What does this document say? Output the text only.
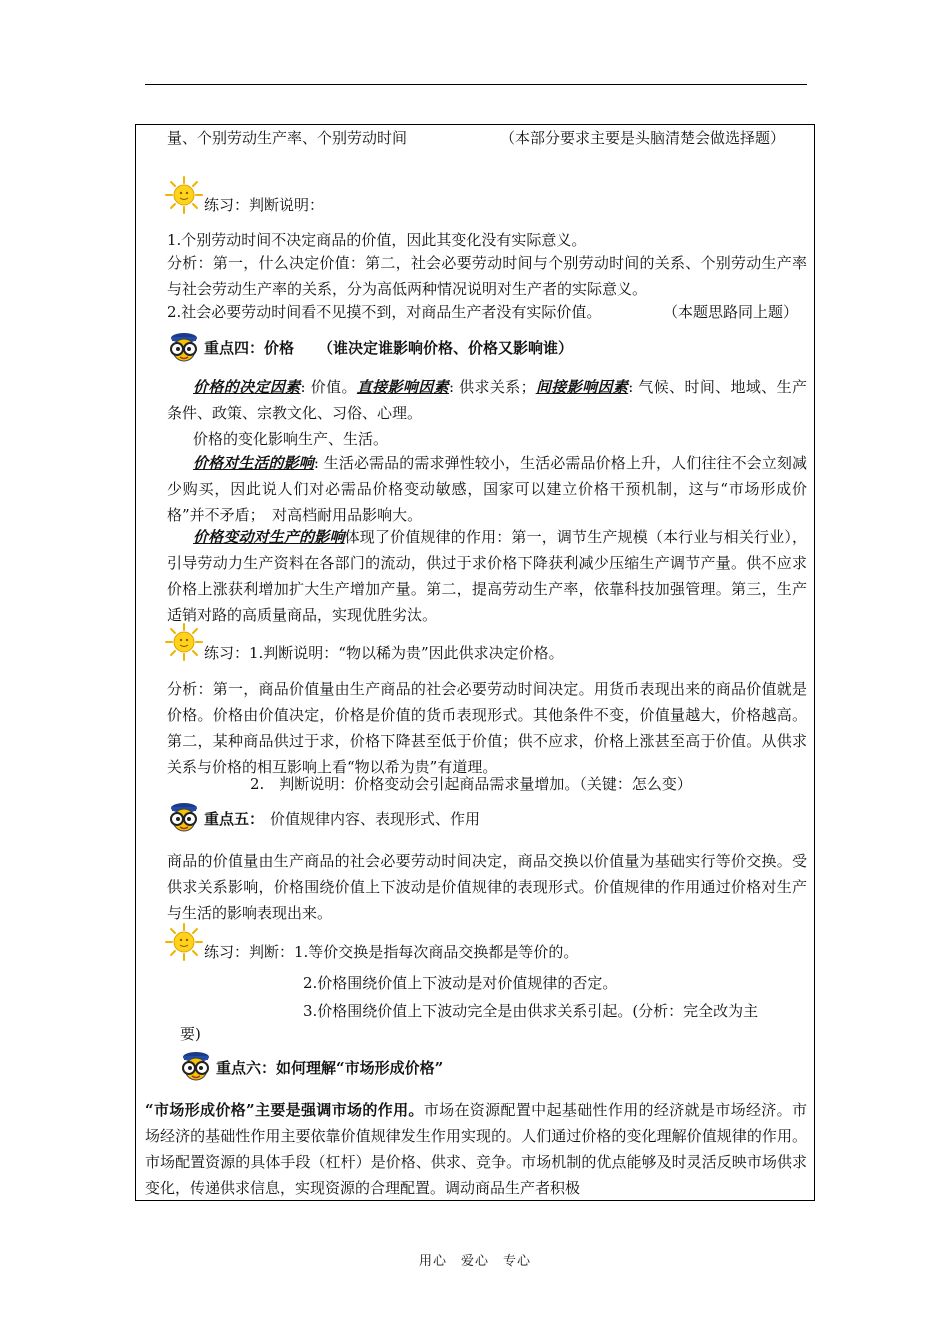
量、个别劳动生产率、个别劳动时间	（本部分要求主要是头脑清楚会做选择题）
练习：判断说明：
1.个别劳动时间不决定商品的价值，因此其变化没有实际意义。
分析：第一，什么决定价值：第二，社会必要劳动时间与个别劳动时间的关系、个别劳动生产率与社会劳动生产率的关系，分为高低两种情况说明对生产者的实际意义。
2.社会必要劳动时间看不见摸不到，对商品生产者没有实际价值。	（本题思路同上题）
重点四：价格 （谁决定谁影响价格、价格又影响谁）
价格的决定因素: 价值。直接影响因素: 供求关系；间接影响因素: 气候、时间、地域、生产条件、政策、宗教文化、习俗、心理。
价格的变化影响生产、生活。
价格对生活的影响: 生活必需品的需求弹性较小，生活必需品价格上升，人们往往不会立刻减少购买，因此说人们对必需品价格变动敏感，国家可以建立价格干预机制，这与“市场形成价格”并不矛盾；　对高档耐用品影响大。
价格变动对生产的影响体现了价值规律的作用：第一，调节生产规模（本行业与相关行业），引导劳动力生产资料在各部门的流动，供过于求价格下降获利减少压缩生产调节产量。供不应求价格上涨获利增加扩大生产增加产量。第二，提高劳动生产率，依靠科技加强管理。第三，生产适销对路的高质量商品，实现优胜劣汰。
练习：1.判断说明：“物以稀为贵”因此供求决定价格。
分析：第一，商品价值量由生产商品的社会必要劳动时间决定。用货币表现出来的商品价值就是价格。价格由价值决定，价格是价值的货币表现形式。其他条件不变，价值量越大，价格越高。第二，某种商品供过于求，价格下降甚至低于价值；供不应求，价格上涨甚至高于价值。从供求关系与价格的相互影响上看“物以希为贵”有道理。
2.　判断说明：价格变动会引起商品需求量增加。（关键：怎么变）
重点五： 价值规律内容、表现形式、作用
商品的价值量由生产商品的社会必要劳动时间决定，商品交换以价值量为基础实行等价交换。受供求关系影响，价格围绕价值上下波动是价值规律的表现形式。价值规律的作用通过价格对生产与生活的影响表现出来。
练习：判断：1.等价交换是指每次商品交换都是等价的。
2.价格围绕价值上下波动是对价值规律的否定。
3.价格围绕价值上下波动完全是由供求关系引起。(分析：完全改为主
要)
重点六：如何理解“市场形成价格”
“市场形成价格”主要是强调市场的作用。市场在资源配置中起基础性作用的经济就是市场经济。市场经济的基础性作用主要依靠价值规律发生作用实现的。人们通过价格的变化理解价值规律的作用。市场配置资源的具体手段（杠杆）是价格、供求、竞争。市场机制的优点能够及时灵活反映市场供求变化，传递供求信息，实现资源的合理配置。调动商品生产者积极
用心　爱心　专心
